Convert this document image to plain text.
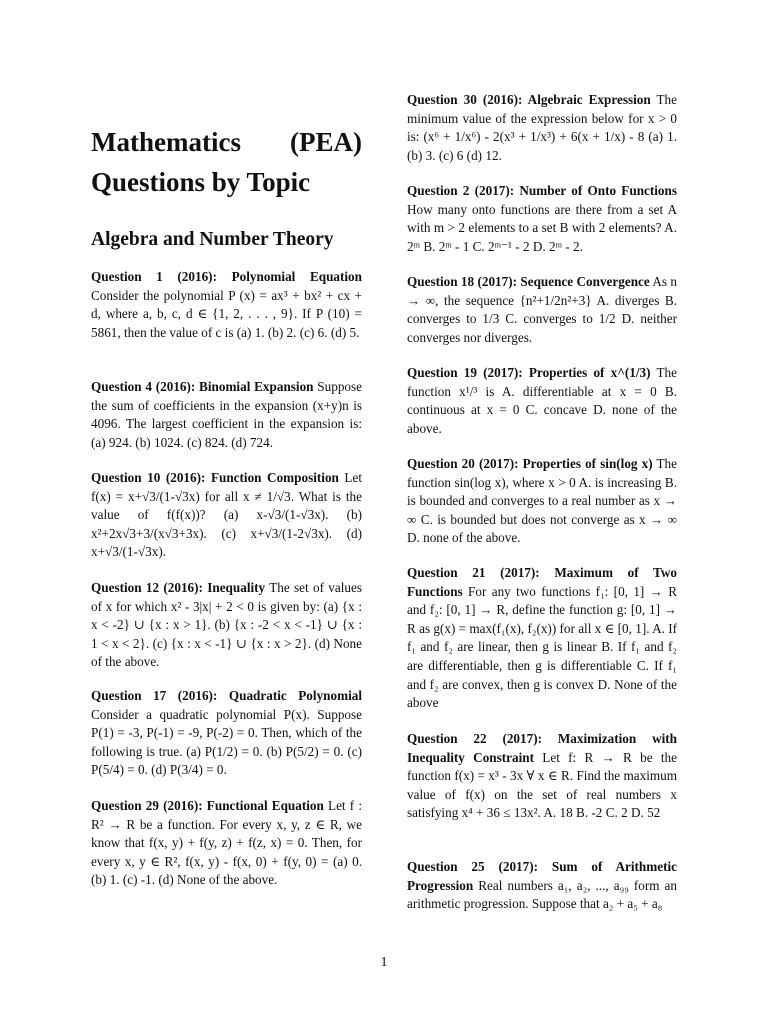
Mathematics (PEA)
Questions by Topic
Algebra and Number Theory

Question 1 (2016): Polynomial Equation Consider the polynomial P (x) = ax³ + bx² + cx + d, where a, b, c, d ∈ {1, 2, . . . , 9}. If P (10) = 5861, then the value of c is (a) 1. (b) 2. (c) 6. (d) 5.

Question 4 (2016): Binomial Expansion Suppose the sum of coefficients in the expansion (x+y)n is 4096. The largest coefficient in the expansion is: (a) 924. (b) 1024. (c) 824. (d) 724.

Question 10 (2016): Function Composition Let f(x) = x+√3/(1-√3x) for all x ≠ 1/√3. What is the value of f(f(x))? (a) x-√3/(1-√3x). (b) x²+2x√3+3/(x√3+3x). (c) x+√3/(1-2√3x). (d) x+√3/(1-√3x).

Question 12 (2016): Inequality The set of values of x for which x² - 3|x| + 2 < 0 is given by: (a) {x : x < -2} ∪ {x : x > 1}. (b) {x : -2 < x < -1} ∪ {x : 1 < x < 2}. (c) {x : x < -1} ∪ {x : x > 2}. (d) None of the above.

Question 17 (2016): Quadratic Polynomial Consider a quadratic polynomial P(x). Suppose P(1) = -3, P(-1) = -9, P(-2) = 0. Then, which of the following is true. (a) P(1/2) = 0. (b) P(5/2) = 0. (c) P(5/4) = 0. (d) P(3/4) = 0.

Question 29 (2016): Functional Equation Let f : R² → R be a function. For every x, y, z ∈ R, we know that f(x, y) + f(y, z) + f(z, x) = 0. Then, for every x, y ∈ R², f(x, y) - f(x, 0) + f(y, 0) = (a) 0. (b) 1. (c) -1. (d) None of the above.

Question 30 (2016): Algebraic Expression The minimum value of the expression below for x > 0 is: (x⁶ + 1/x⁶) - 2(x³ + 1/x³) + 6(x + 1/x) - 8 (a) 1. (b) 3. (c) 6 (d) 12.

Question 2 (2017): Number of Onto Functions How many onto functions are there from a set A with m > 2 elements to a set B with 2 elements? A. 2ᵐ B. 2ᵐ - 1 C. 2ᵐ⁻¹ - 2 D. 2ᵐ - 2.

Question 18 (2017): Sequence Convergence As n → ∞, the sequence {n²+1/2n²+3} A. diverges B. converges to 1/3 C. converges to 1/2 D. neither converges nor diverges.

Question 19 (2017): Properties of x^(1/3) The function x¹/³ is A. differentiable at x = 0 B. continuous at x = 0 C. concave D. none of the above.

Question 20 (2017): Properties of sin(log x) The function sin(log x), where x > 0 A. is increasing B. is bounded and converges to a real number as x → ∞ C. is bounded but does not converge as x → ∞ D. none of the above.

Question 21 (2017): Maximum of Two Functions For any two functions f₁: [0, 1] → R and f₂: [0, 1] → R, define the function g: [0, 1] → R as g(x) = max(f₁(x), f₂(x)) for all x ∈ [0, 1]. A. If f₁ and f₂ are linear, then g is linear B. If f₁ and f₂ are differentiable, then g is differentiable C. If f₁ and f₂ are convex, then g is convex D. None of the above

Question 22 (2017): Maximization with Inequality Constraint Let f: R → R be the function f(x) = x³ - 3x ∀ x ∈ R. Find the maximum value of f(x) on the set of real numbers x satisfying x⁴ + 36 ≤ 13x². A. 18 B. -2 C. 2 D. 52

Question 25 (2017): Sum of Arithmetic Progression Real numbers a₁, a₂, ..., a₉₉ form an arithmetic progression. Suppose that a₂ + a₅ + a₈

1
